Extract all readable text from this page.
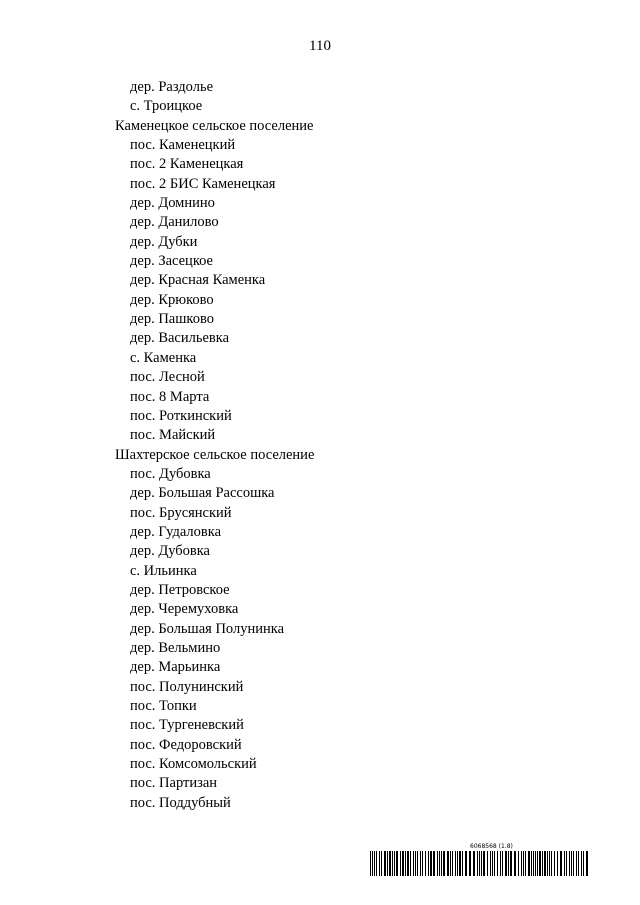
110
дер. Раздолье
с. Троицкое
Каменецкое сельское поселение
пос. Каменецкий
пос. 2 Каменецкая
пос. 2 БИС Каменецкая
дер. Домнино
дер. Данилово
дер. Дубки
дер. Засецкое
дер. Красная Каменка
дер. Крюково
дер. Пашково
дер. Васильевка
с. Каменка
пос. Лесной
пос. 8 Марта
пос. Роткинский
пос. Майский
Шахтерское сельское поселение
пос. Дубовка
дер. Большая Рассошка
пос. Брусянский
дер. Гудаловка
дер. Дубовка
с. Ильинка
дер. Петровское
дер. Черемуховка
дер. Большая Полунинка
дер. Вельмино
дер. Марьинка
пос. Полунинский
пос. Топки
пос. Тургеневский
пос. Федоровский
пос. Комсомольский
пос. Партизан
пос. Поддубный
6068568 (1.8)
